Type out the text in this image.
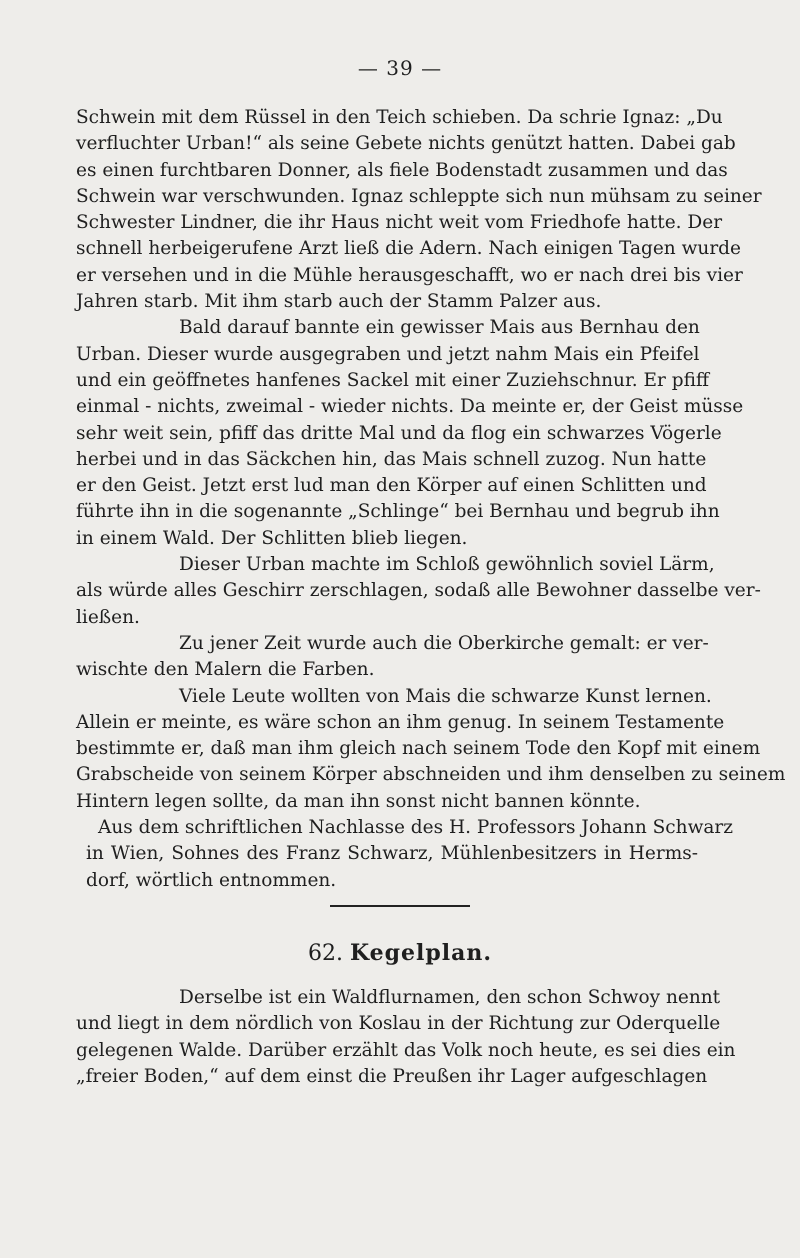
— 39 —
Schwein mit dem Rüssel in den Teich schieben. Da schrie Ignaz: „Du
verfluchter Urban!“ als seine Gebete nichts genützt hatten. Dabei gab
es einen furchtbaren Donner, als fiele Bodenstadt zusammen und das
Schwein war verschwunden. Ignaz schleppte sich nun mühsam zu seiner
Schwester Lindner, die ihr Haus nicht weit vom Friedhofe hatte. Der
schnell herbeigerufene Arzt ließ die Adern. Nach einigen Tagen wurde
er versehen und in die Mühle herausgeschafft, wo er nach drei bis vier
Jahren starb. Mit ihm starb auch der Stamm Palzer aus.
Bald darauf bannte ein gewisser Mais aus Bernhau den
Urban. Dieser wurde ausgegraben und jetzt nahm Mais ein Pfeifel
und ein geöffnetes hanfenes Sackel mit einer Zuziehschnur. Er pfiff
einmal - nichts, zweimal - wieder nichts. Da meinte er, der Geist müsse
sehr weit sein, pfiff das dritte Mal und da flog ein schwarzes Vögerle
herbei und in das Säckchen hin, das Mais schnell zuzog. Nun hatte
er den Geist. Jetzt erst lud man den Körper auf einen Schlitten und
führte ihn in die sogenannte „Schlinge“ bei Bernhau und begrub ihn
in einem Wald. Der Schlitten blieb liegen.
Dieser Urban machte im Schloß gewöhnlich soviel Lärm,
als würde alles Geschirr zerschlagen, sodaß alle Bewohner dasselbe ver-
ließen.
Zu jener Zeit wurde auch die Oberkirche gemalt: er ver-
wischte den Malern die Farben.
Viele Leute wollten von Mais die schwarze Kunst lernen.
Allein er meinte, es wäre schon an ihm genug. In seinem Testamente
bestimmte er, daß man ihm gleich nach seinem Tode den Kopf mit einem
Grabscheide von seinem Körper abschneiden und ihm denselben zu seinem
Hintern legen sollte, da man ihn sonst nicht bannen könnte.
Aus dem schriftlichen Nachlasse des H. Professors Johann Schwarz
in Wien, Sohnes des Franz Schwarz, Mühlenbesitzers in Herms-
dorf, wörtlich entnommen.
62. Kegelplan.
Derselbe ist ein Waldflurnamen, den schon Schwoy nennt
und liegt in dem nördlich von Koslau in der Richtung zur Oderquelle
gelegenen Walde. Darüber erzählt das Volk noch heute, es sei dies ein
„freier Boden,“ auf dem einst die Preußen ihr Lager aufgeschlagen
